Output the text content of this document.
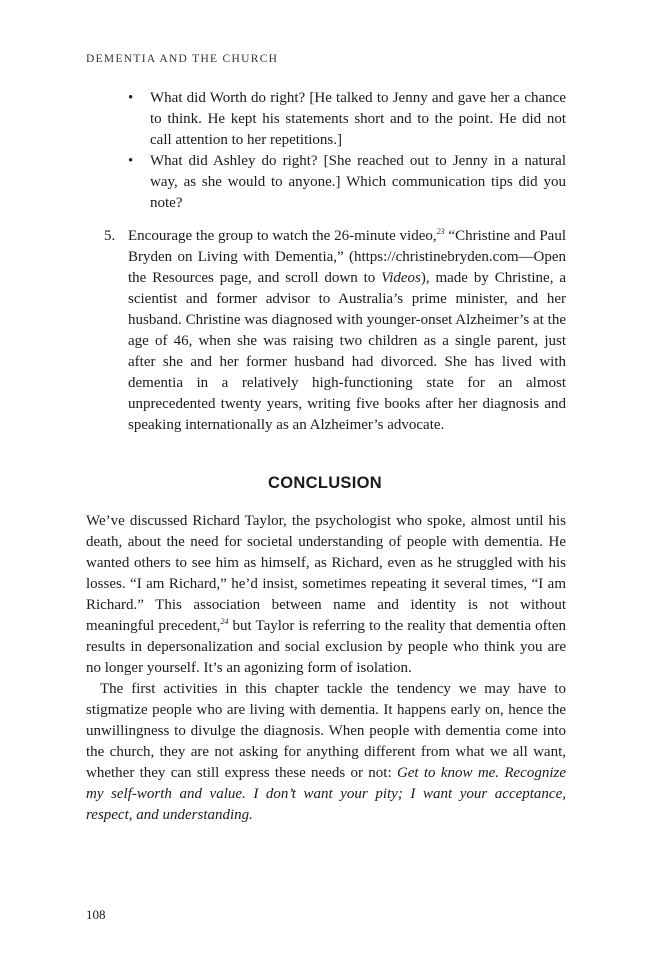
DEMENTIA AND THE CHURCH
• What did Worth do right? [He talked to Jenny and gave her a chance to think. He kept his statements short and to the point. He did not call attention to her repetitions.]
• What did Ashley do right? [She reached out to Jenny in a natural way, as she would to anyone.] Which communication tips did you note?
5. Encourage the group to watch the 26-minute video,$^{23}$ “Christine and Paul Bryden on Living with Dementia,” (https://christinebryden.com—Open the Resources page, and scroll down to Videos), made by Christine, a scientist and former advisor to Australia’s prime minister, and her husband. Christine was diagnosed with younger-onset Alzheimer’s at the age of 46, when she was raising two children as a single parent, just after she and her former husband had divorced. She has lived with dementia in a relatively high-functioning state for an almost unprecedented twenty years, writing five books after her diagnosis and speaking internationally as an Alzheimer’s advocate.
CONCLUSION

We’ve discussed Richard Taylor, the psychologist who spoke, almost until his death, about the need for societal understanding of people with dementia. He wanted others to see him as himself, as Richard, even as he struggled with his losses. “I am Richard,” he’d insist, sometimes repeating it several times, “I am Richard.” This association between name and identity is not without meaningful precedent,$^{24}$ but Taylor is referring to the reality that dementia often results in depersonalization and social exclusion by people who think you are no longer yourself. It’s an agonizing form of isolation.

The first activities in this chapter tackle the tendency we may have to stigmatize people who are living with dementia. It happens early on, hence the unwillingness to divulge the diagnosis. When people with dementia come into the church, they are not asking for anything different from what we all want, whether they can still express these needs or not: Get to know me. Recognize my self-worth and value. I don’t want your pity; I want your acceptance, respect, and understanding.

108
